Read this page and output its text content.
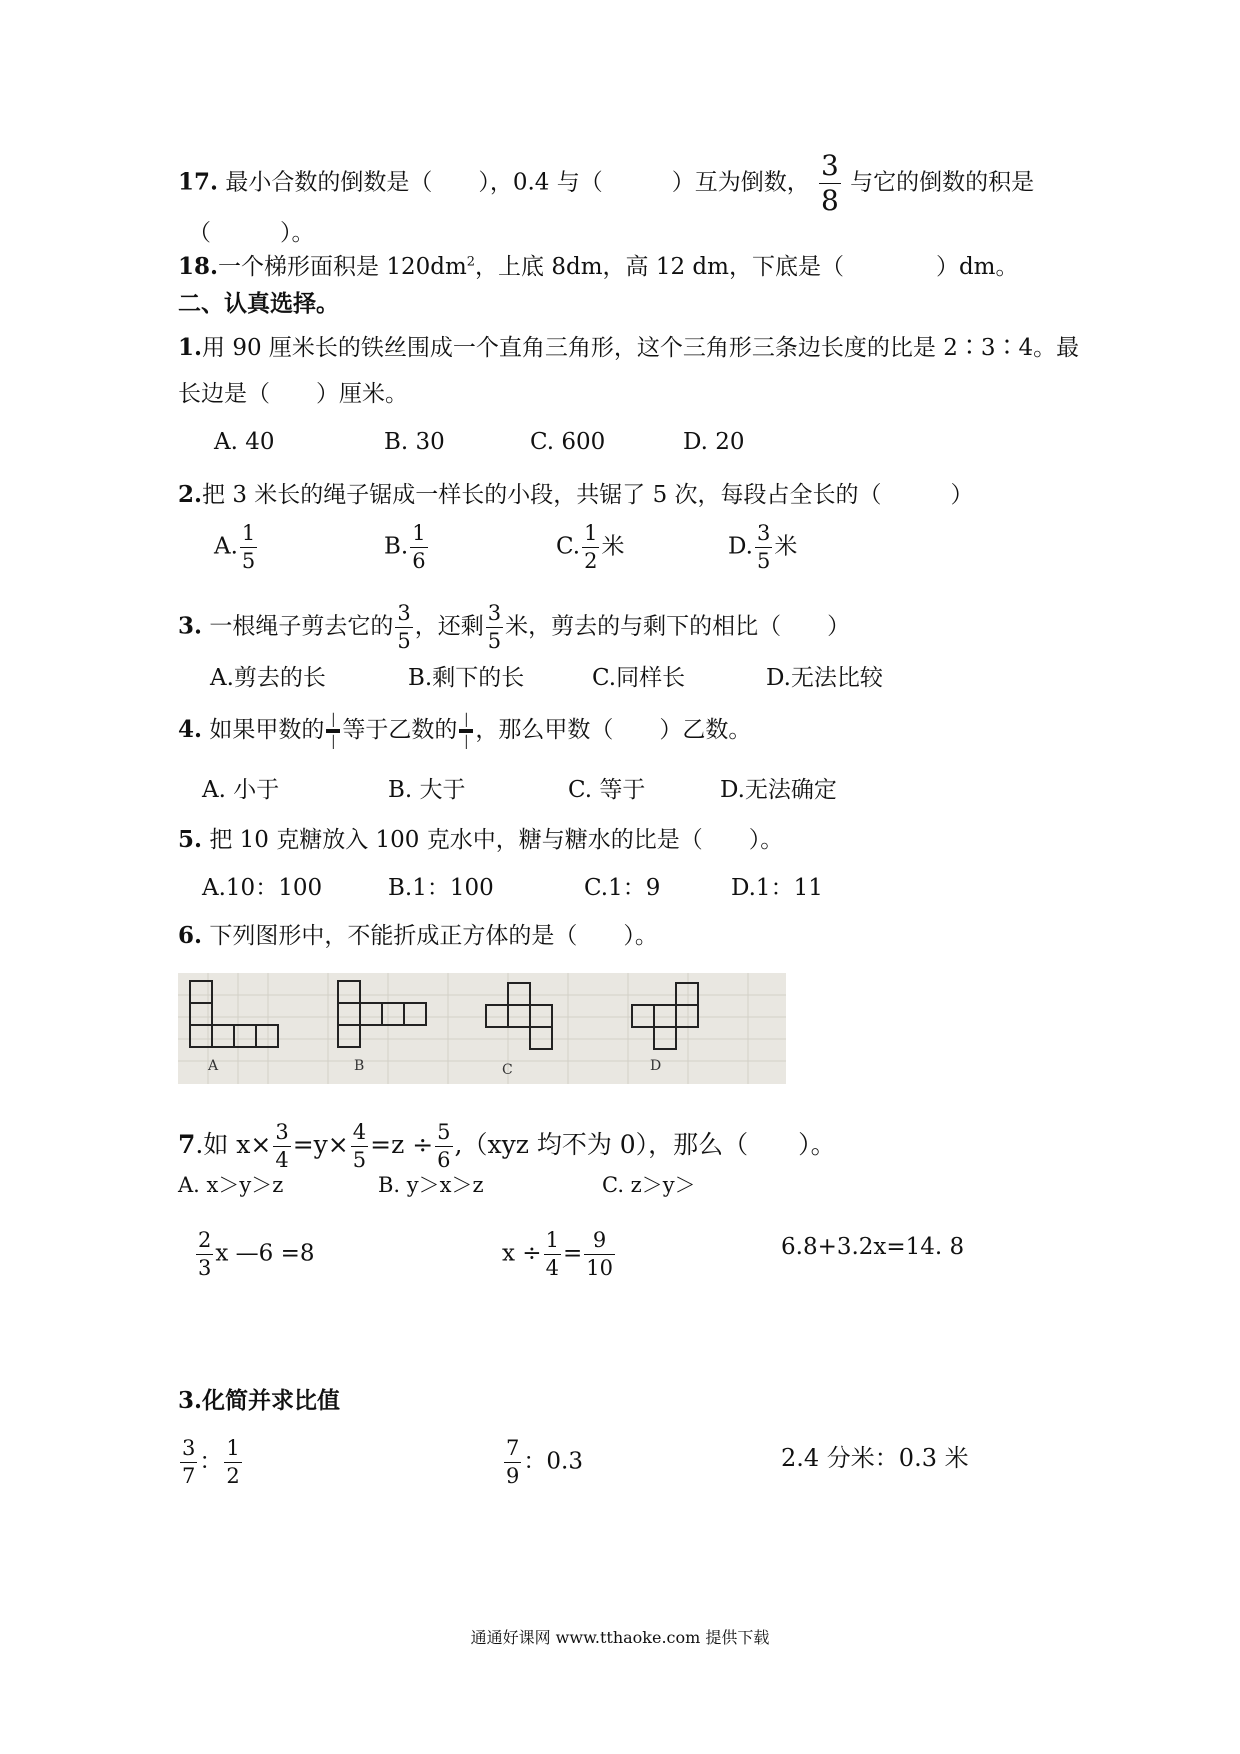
17. 最小合数的倒数是（　　），0.4 与（　　　）互为倒数， $\frac{3}{8}$ 与它的倒数的积是
（　　　）。
18.一个梯形面积是 $120dm^2$，上底 8dm，高 12 dm，下底是（　　　　）dm。
二、认真选择。
1.用 90 厘米长的铁丝围成一个直角三角形，这个三角形三条边长度的比是 2∶3∶4。最
长边是（　　）厘米。
A. 40	B. 30	C. 600	D. 20
2.把 3 米长的绳子锯成一样长的小段，共锯了 5 次，每段占全长的（　　　）
A. $\frac{1}{5}$	B. $\frac{1}{6}$	C. $\frac{1}{2}$ 米	D. $\frac{3}{5}$ 米
3. 一根绳子剪去它的 $\frac{3}{5}$ ，还剩 $\frac{3}{5}$ 米，剪去的与剩下的相比（　　）
A.剪去的长	B.剩下的长	C.同样长	D.无法比较
4. 如果甲数的 $\frac{│}{│}$ 等于乙数的 $\frac{│}{│}$ ，那么甲数（　　）乙数。
A. 小于	B. 大于	C. 等于	D.无法确定
5. 把 10 克糖放入 100 克水中，糖与糖水的比是（　　）。
A.10：100	B.1：100	C.1：9	D.1：11
6. 下列图形中，不能折成正方体的是（　　）。
A	B	C	D
7.如 $x\times \frac{3}{4} =y\times \frac{4}{5} =z \div \frac{5}{6} ,(xyz$ 均不为 0），那么（　　）。
A. x＞y＞z	B. y＞x＞z	C. z＞y＞
$\frac{2}{3}$ x —6 =8	$x \div \frac{1}{4} = \frac{9}{10}$	6.8+3.2x=14. 8
3.化简并求比值
$\frac{3}{7}$ ： $\frac{1}{2}$	$\frac{7}{9}$ ：0.3	2.4 分米：0.3 米
通通好课网 www.tthaoke.com 提供下载
